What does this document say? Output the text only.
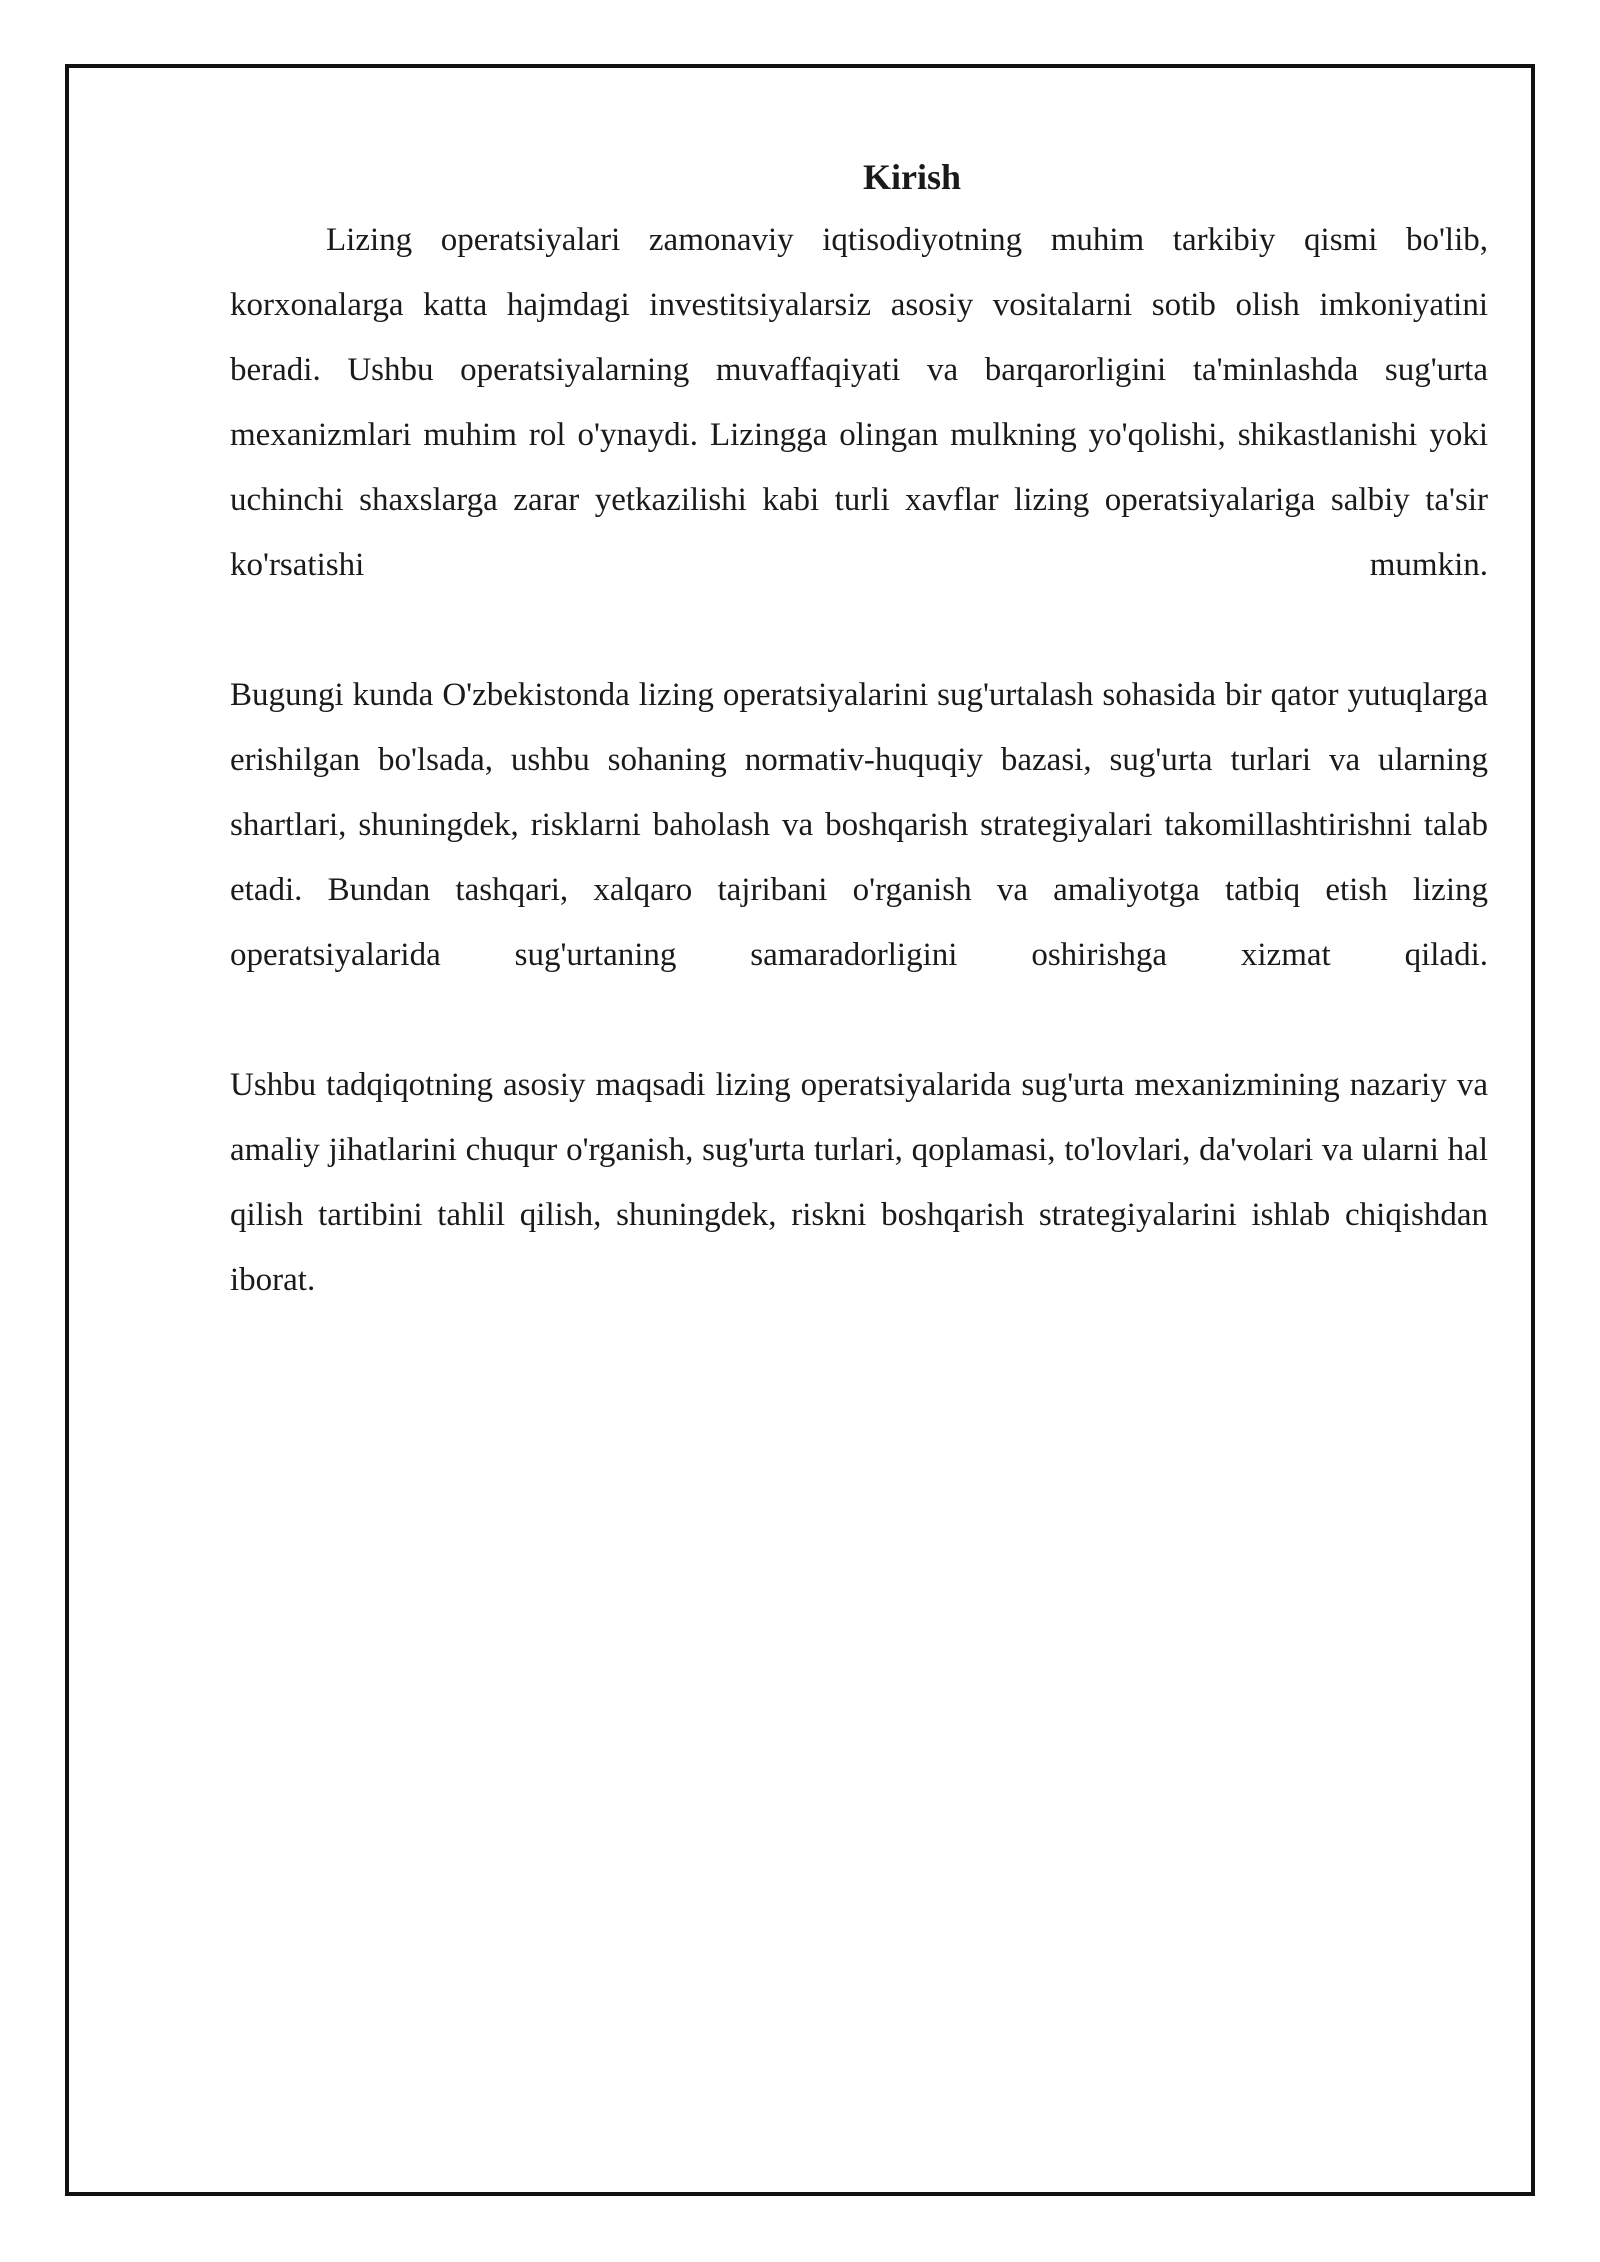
Kirish

Lizing operatsiyalari zamonaviy iqtisodiyotning muhim tarkibiy qismi bo'lib, korxonalarga katta hajmdagi investitsiyalarsiz asosiy vositalarni sotib olish imkoniyatini beradi. Ushbu operatsiyalarning muvaffaqiyati va barqarorligini ta'minlashda sug'urta mexanizmlari muhim rol o'ynaydi. Lizingga olingan mulkning yo'qolishi, shikastlanishi yoki uchinchi shaxslarga zarar yetkazilishi kabi turli xavflar lizing operatsiyalariga salbiy ta'sir ko'rsatishi mumkin.

Bugungi kunda O'zbekistonda lizing operatsiyalarini sug'urtalash sohasida bir qator yutuqlarga erishilgan bo'lsada, ushbu sohaning normativ-huquqiy bazasi, sug'urta turlari va ularning shartlari, shuningdek, risklarni baholash va boshqarish strategiyalari takomillashtirishni talab etadi. Bundan tashqari, xalqaro tajribani o'rganish va amaliyotga tatbiq etish lizing operatsiyalarida sug'urtaning samaradorligini oshirishga xizmat qiladi.

Ushbu tadqiqotning asosiy maqsadi lizing operatsiyalarida sug'urta mexanizmining nazariy va amaliy jihatlarini chuqur o'rganish, sug'urta turlari, qoplamasi, to'lovlari, da'volari va ularni hal qilish tartibini tahlil qilish, shuningdek, riskni boshqarish strategiyalarini ishlab chiqishdan iborat.
